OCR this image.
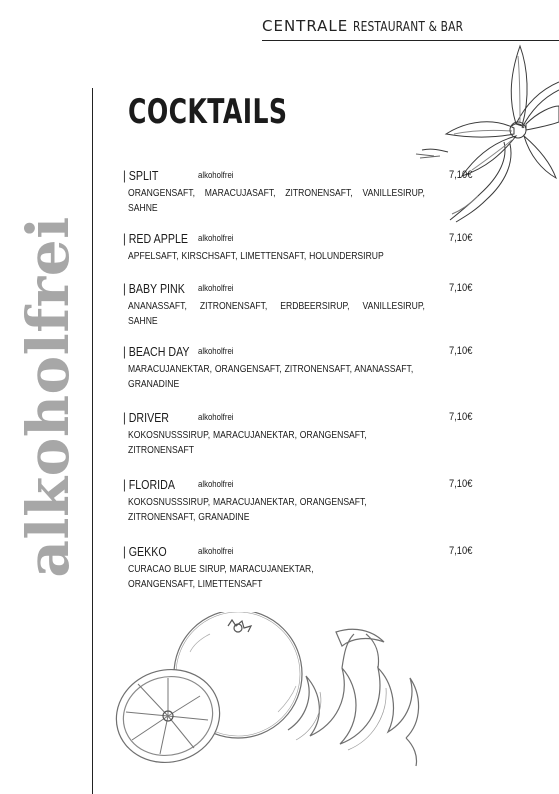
CENTRALE RESTAURANT & BAR
alkoholfrei
COCKTAILS
| SPLIT	alkoholfrei	7,10€
ORANGENSAFT, MARACUJASAFT, ZITRONENSAFT, VANILLESIRUP, SAHNE
| RED APPLE alkoholfrei	7,10€
APFELSAFT, KIRSCHSAFT, LIMETTENSAFT, HOLUNDERSIRUP
| BABY PINK alkoholfrei	7,10€
ANANASSAFT, ZITRONENSAFT, ERDBEERSIRUP, VANILLESIRUP, SAHNE
| BEACH DAY alkoholfrei	7,10€
MARACUJANEKTAR, ORANGENSAFT, ZITRONENSAFT, ANANASSAFT, GRANADINE
| DRIVER	alkoholfrei	7,10€
KOKOSNUSSSIRUP, MARACUJANEKTAR, ORANGENSAFT, ZITRONENSAFT
| FLORIDA alkoholfrei	7,10€
KOKOSNUSSSIRUP, MARACUJANEKTAR, ORANGENSAFT, ZITRONENSAFT, GRANADINE
| GEKKO	alkoholfrei	7,10€
CURACAO BLUE SIRUP, MARACUJANEKTAR, ORANGENSAFT, LIMETTENSAFT
